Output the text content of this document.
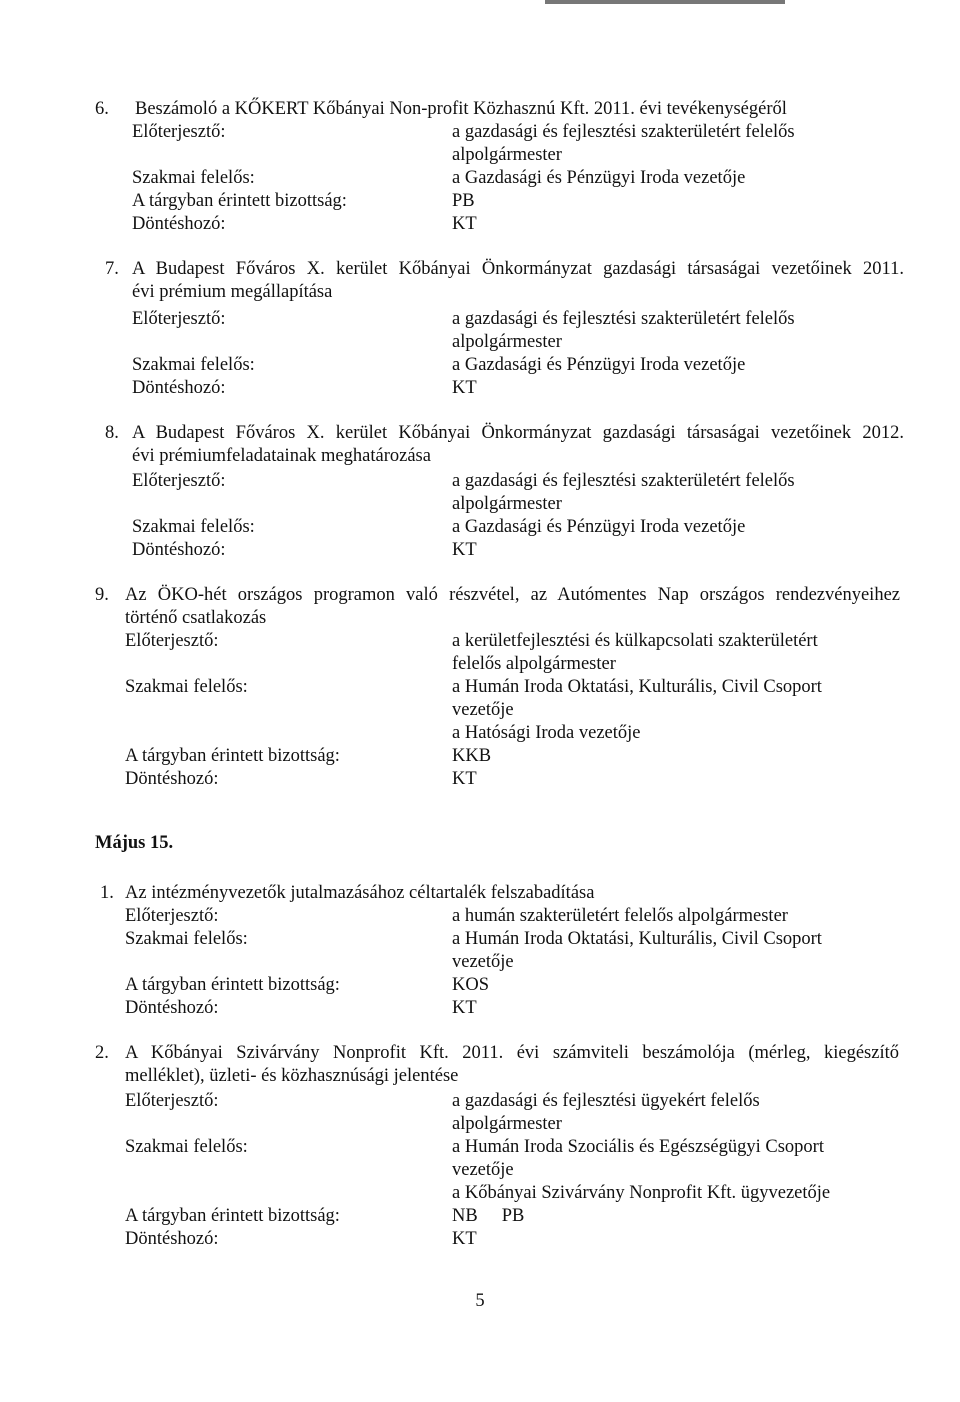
6. Beszámoló a KŐKERT Kőbányai Non-profit Közhasznú Kft. 2011. évi tevékenységéről
Előterjesztő:	a gazdasági és fejlesztési szakterületért felelős
alpolgármester
Szakmai felelős:	a Gazdasági és Pénzügyi Iroda vezetője
A tárgyban érintett bizottság:	PB
Döntéshozó:	KT
7. A Budapest Főváros X. kerület Kőbányai Önkormányzat gazdasági társaságai vezetőinek 2011.
évi prémium megállapítása
Előterjesztő:	a gazdasági és fejlesztési szakterületért felelős
alpolgármester
Szakmai felelős:	a Gazdasági és Pénzügyi Iroda vezetője
Döntéshozó:	KT
8. A Budapest Főváros X. kerület Kőbányai Önkormányzat gazdasági társaságai vezetőinek 2012.
évi prémiumfeladatainak meghatározása
Előterjesztő:	a gazdasági és fejlesztési szakterületért felelős
alpolgármester
Szakmai felelős:	a Gazdasági és Pénzügyi Iroda vezetője
Döntéshozó:	KT
9. Az ÖKO-hét országos programon való részvétel, az Autómentes Nap országos rendezvényeihez
történő csatlakozás
Előterjesztő:	a kerületfejlesztési és külkapcsolati szakterületért
felelős alpolgármester
Szakmai felelős:	a Humán Iroda Oktatási, Kulturális, Civil Csoport
vezetője
a Hatósági Iroda vezetője
A tárgyban érintett bizottság:	KKB
Döntéshozó:	KT
Május 15.
1. Az intézményvezetők jutalmazásához céltartalék felszabadítása
Előterjesztő:	a humán szakterületért felelős alpolgármester
Szakmai felelős:	a Humán Iroda Oktatási, Kulturális, Civil Csoport
vezetője
A tárgyban érintett bizottság:	KOS
Döntéshozó:	KT
2. A Kőbányai Szivárvány Nonprofit Kft. 2011. évi számviteli beszámolója (mérleg, kiegészítő
melléklet), üzleti- és közhasznúsági jelentése
Előterjesztő:	a gazdasági és fejlesztési ügyekért felelős
alpolgármester
Szakmai felelős:	a Humán Iroda Szociális és Egészségügyi Csoport
vezetője
a Kőbányai Szivárvány Nonprofit Kft. ügyvezetője
A tárgyban érintett bizottság:	NB PB
Döntéshozó:	KT
5
